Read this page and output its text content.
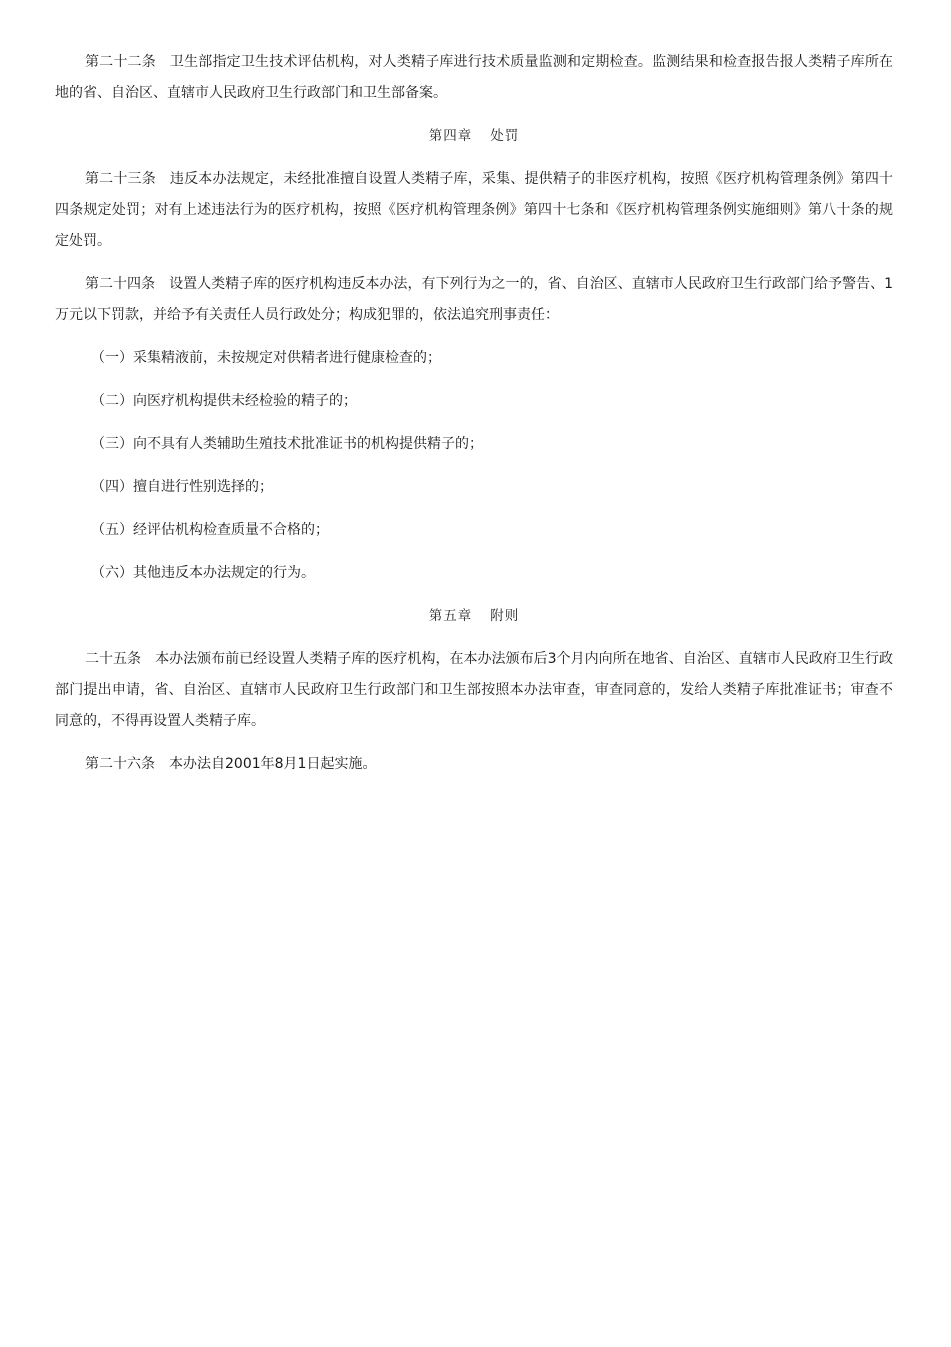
第二十二条 卫生部指定卫生技术评估机构，对人类精子库进行技术质量监测和定期检查。监测结果和检查报告报人类精子库所在地的省、自治区、直辖市人民政府卫生行政部门和卫生部备案。

第四章 处罚

第二十三条 违反本办法规定，未经批准擅自设置人类精子库，采集、提供精子的非医疗机构，按照《医疗机构管理条例》第四十四条规定处罚；对有上述违法行为的医疗机构，按照《医疗机构管理条例》第四十七条和《医疗机构管理条例实施细则》第八十条的规定处罚。

第二十四条 设置人类精子库的医疗机构违反本办法，有下列行为之一的，省、自治区、直辖市人民政府卫生行政部门给予警告、1万元以下罚款，并给予有关责任人员行政处分；构成犯罪的，依法追究刑事责任：

（一）采集精液前，未按规定对供精者进行健康检查的；

（二）向医疗机构提供未经检验的精子的；

（三）向不具有人类辅助生殖技术批准证书的机构提供精子的；

（四）擅自进行性别选择的；

（五）经评估机构检查质量不合格的；

（六）其他违反本办法规定的行为。

第五章 附则

二十五条 本办法颁布前已经设置人类精子库的医疗机构，在本办法颁布后3个月内向所在地省、自治区、直辖市人民政府卫生行政部门提出申请，省、自治区、直辖市人民政府卫生行政部门和卫生部按照本办法审查，审查同意的，发给人类精子库批准证书；审查不同意的，不得再设置人类精子库。

第二十六条 本办法自2001年8月1日起实施。
